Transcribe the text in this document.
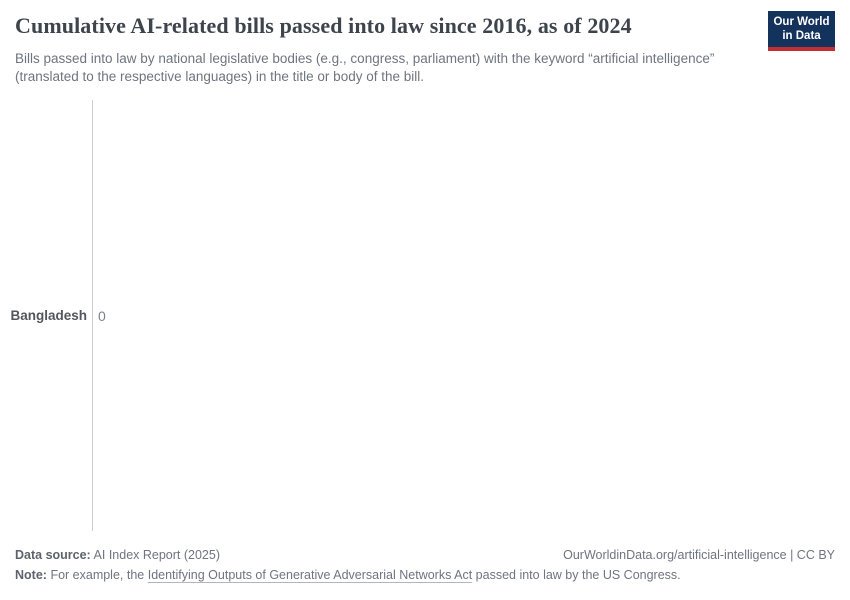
Cumulative AI-related bills passed into law since 2016, as of 2024	Our World
in Data

Bills passed into law by national legislative bodies (e.g., congress, parliament) with the keyword “artificial intelligence” (translated to the respective languages) in the title or body of the bill.

Bangladesh 0
Data source: AI Index Report (2025)	OurWorldinData.org/artificial-intelligence | CC BY
Note: For example, the Identifying Outputs of Generative Adversarial Networks Act passed into law by the US Congress.
